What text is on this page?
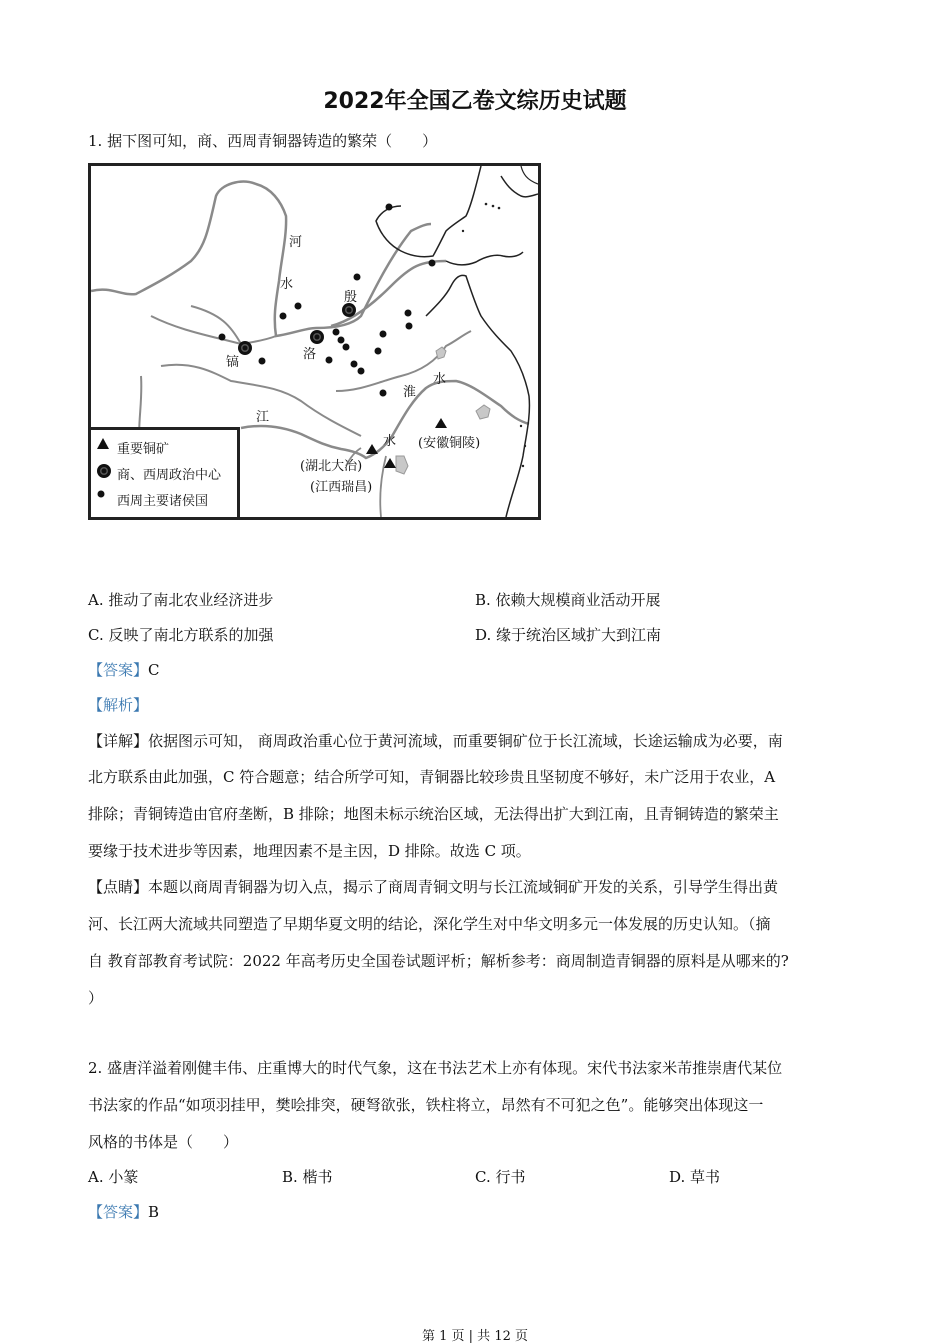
2022年全国乙卷文综历史试题
1. 据下图可知，商、西周青铜器铸造的繁荣（　　）
河
水
殷
洛
镐
水
淮
江
水 (安徽铜陵)
(湖北大冶)
(江西瑞昌)
重要铜矿
商、西周政治中心
西周主要诸侯国
A. 推动了南北农业经济进步	B. 依赖大规模商业活动开展
C. 反映了南北方联系的加强	D. 缘于统治区域扩大到江南
【答案】C
【解析】
【详解】依据图示可知， 商周政治重心位于黄河流域，而重要铜矿位于长江流域，长途运输成为必要，南
北方联系由此加强，C 符合题意；结合所学可知，青铜器比较珍贵且坚韧度不够好，未广泛用于农业，A
排除；青铜铸造由官府垄断，B 排除；地图未标示统治区域，无法得出扩大到江南，且青铜铸造的繁荣主
要缘于技术进步等因素，地理因素不是主因，D 排除。故选 C 项。
【点睛】本题以商周青铜器为切入点，揭示了商周青铜文明与长江流域铜矿开发的关系，引导学生得出黄
河、长江两大流域共同塑造了早期华夏文明的结论，深化学生对中华文明多元一体发展的历史认知。（摘
自 教育部教育考试院：2022 年高考历史全国卷试题评析；解析参考：商周制造青铜器的原料是从哪来的?
）
2. 盛唐洋溢着刚健丰伟、庄重博大的时代气象，这在书法艺术上亦有体现。宋代书法家米芾推崇唐代某位
书法家的作品“如项羽挂甲，樊哙排突，硬弩欲张，铁柱将立，昂然有不可犯之色”。能够突出体现这一
风格的书体是（　　）
A. 小篆	B. 楷书	C. 行书	D. 草书
【答案】B
第 1 页 | 共 12 页
